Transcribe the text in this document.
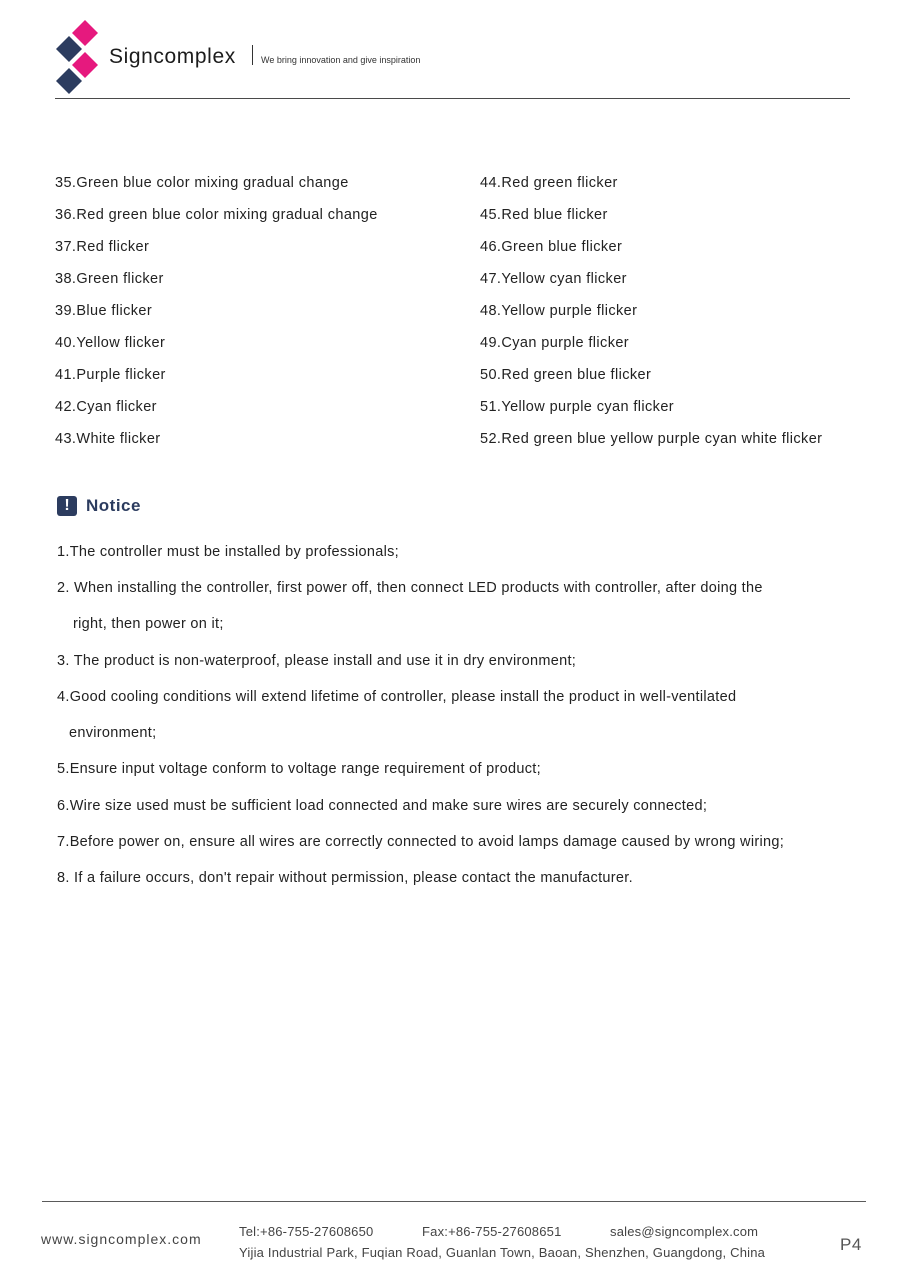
Signcomplex	We bring innovation and give inspiration
35.Green blue color mixing gradual change
36.Red green blue color mixing gradual change
37.Red flicker
38.Green flicker
39.Blue flicker
40.Yellow flicker
41.Purple flicker
42.Cyan flicker
43.White flicker
44.Red green flicker
45.Red blue flicker
46.Green blue flicker
47.Yellow cyan flicker
48.Yellow purple flicker
49.Cyan purple flicker
50.Red green blue flicker
51.Yellow purple cyan flicker
52.Red green blue yellow purple cyan white flicker
! Notice
1.The controller must be installed by professionals;
2. When installing the controller, first power off, then connect LED products with controller, after doing the
right, then power on it;
3. The product is non-waterproof, please install and use it in dry environment;
4.Good cooling conditions will extend lifetime of controller, please install the product in well-ventilated
environment;
5.Ensure input voltage conform to voltage range requirement of product;
6.Wire size used must be sufficient load connected and make sure wires are securely connected;
7.Before power on, ensure all wires are correctly connected to avoid lamps damage caused by wrong wiring;
8. If a failure occurs, don't repair without permission, please contact the manufacturer.
www.signcomplex.com	Tel:+86-755-27608650	Fax:+86-755-27608651	sales@signcomplex.com
Yijia Industrial Park, Fuqian Road, Guanlan Town, Baoan, Shenzhen, Guangdong, China	P4
